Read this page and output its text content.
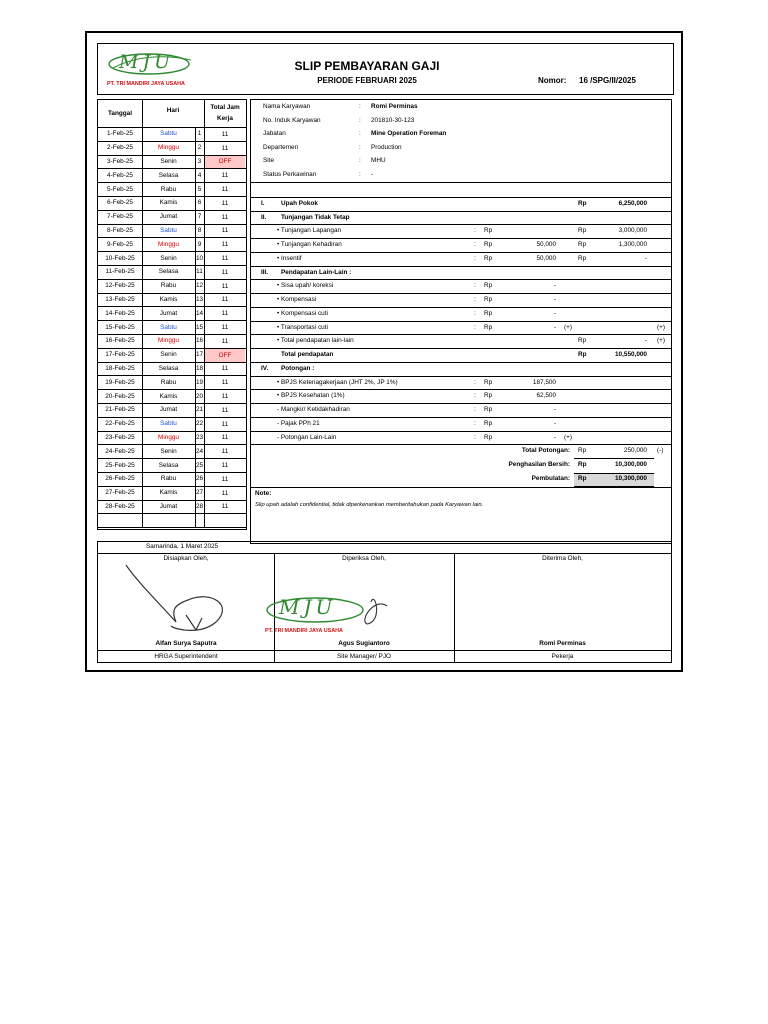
MJU
PT. TRI MANDIRI JAYA USAHA
SLIP PEMBAYARAN GAJI
PERIODE FEBRUARI 2025	Nomor: 16 /SPG/II/2025
Tanggal	Hari	Total Jam
Kerja
1-Feb-25	Sabtu	1	11
2-Feb-25	Minggu	2	11
3-Feb-25	Senin	3	OFF
4-Feb-25	Selasa	4	11
5-Feb-25	Rabu	5	11
6-Feb-25	Kamis	6	11
7-Feb-25	Jumat	7	11
8-Feb-25	Sabtu	8	11
9-Feb-25	Minggu	9	11
10-Feb-25	Senin	10	11
11-Feb-25	Selasa	11	11
12-Feb-25	Rabu	12	11
13-Feb-25	Kamis	13	11
14-Feb-25	Jumat	14	11
15-Feb-25	Sabtu	15	11
16-Feb-25	Minggu	16	11
17-Feb-25	Senin	17	OFF
18-Feb-25	Selasa	18	11
19-Feb-25	Rabu	19	11
20-Feb-25	Kamis	20	11
21-Feb-25	Jumat	21	11
22-Feb-25	Sabtu	22	11
23-Feb-25	Minggu	23	11
24-Feb-25	Senin	24	11
25-Feb-25	Selasa	25	11
26-Feb-25	Rabu	26	11
27-Feb-25	Kamis	27	11
28-Feb-25	Jumat	28	11
Nama Karyawan	: Romi Perminas
No. Induk Karyawan	: 201810-30-123
Jabatan	: Mine Operation Foreman
Departemen	: Production
Site	: MHU
Status Perkawinan	: -
I.	Upah Pokok	Rp	6,250,000
II. Tunjangan Tidak Tetap
• Tunjangan Lapangan	: Rp	Rp	3,000,000
• Tunjangan Kehadiran	: Rp	50,000	Rp	1,300,000
• Insentif	: Rp	50,000	Rp	-
III. Pendapatan Lain-Lain :
• Sisa upah/ koreksi	: Rp	-
• Kompensasi	: Rp	-
• Kompensasi cuti	: Rp	-
• Transportasi cuti	: Rp	- (+)	(+)
• Total pendapatan lain-lain	Rp	- (+)
Total pendapatan	Rp	10,550,000
IV. Potongan :
• BPJS Ketenagakerjaan (JHT 2%, JP 1%)	: Rp	187,500
• BPJS Kesehatan (1%)	: Rp	62,500
- Mangkir/ Ketidakhadiran	: Rp	-
- Pajak PPh 21	: Rp	-
- Potongan Lain-Lain	: Rp	- (+)
Total Potongan: Rp	250,000 (-)
Penghasilan Bersih: Rp	10,300,000
Pembulatan: Rp	10,300,000
Note:
Slip upah adalah confidential, tidak diperkenankan memberitahukan pada Karyawan lain.
Samarinda, 1 Maret 2025
Disiapkan Oleh,
Alfan Surya Saputra
HRGA Superintendent
Diperiksa Oleh,
Agus Sugiantoro
Site Manager/ PJO
Diterima Oleh,
Romi Perminas
Pekerja
MJU
PT. TRI MANDIRI JAYA USAHA
